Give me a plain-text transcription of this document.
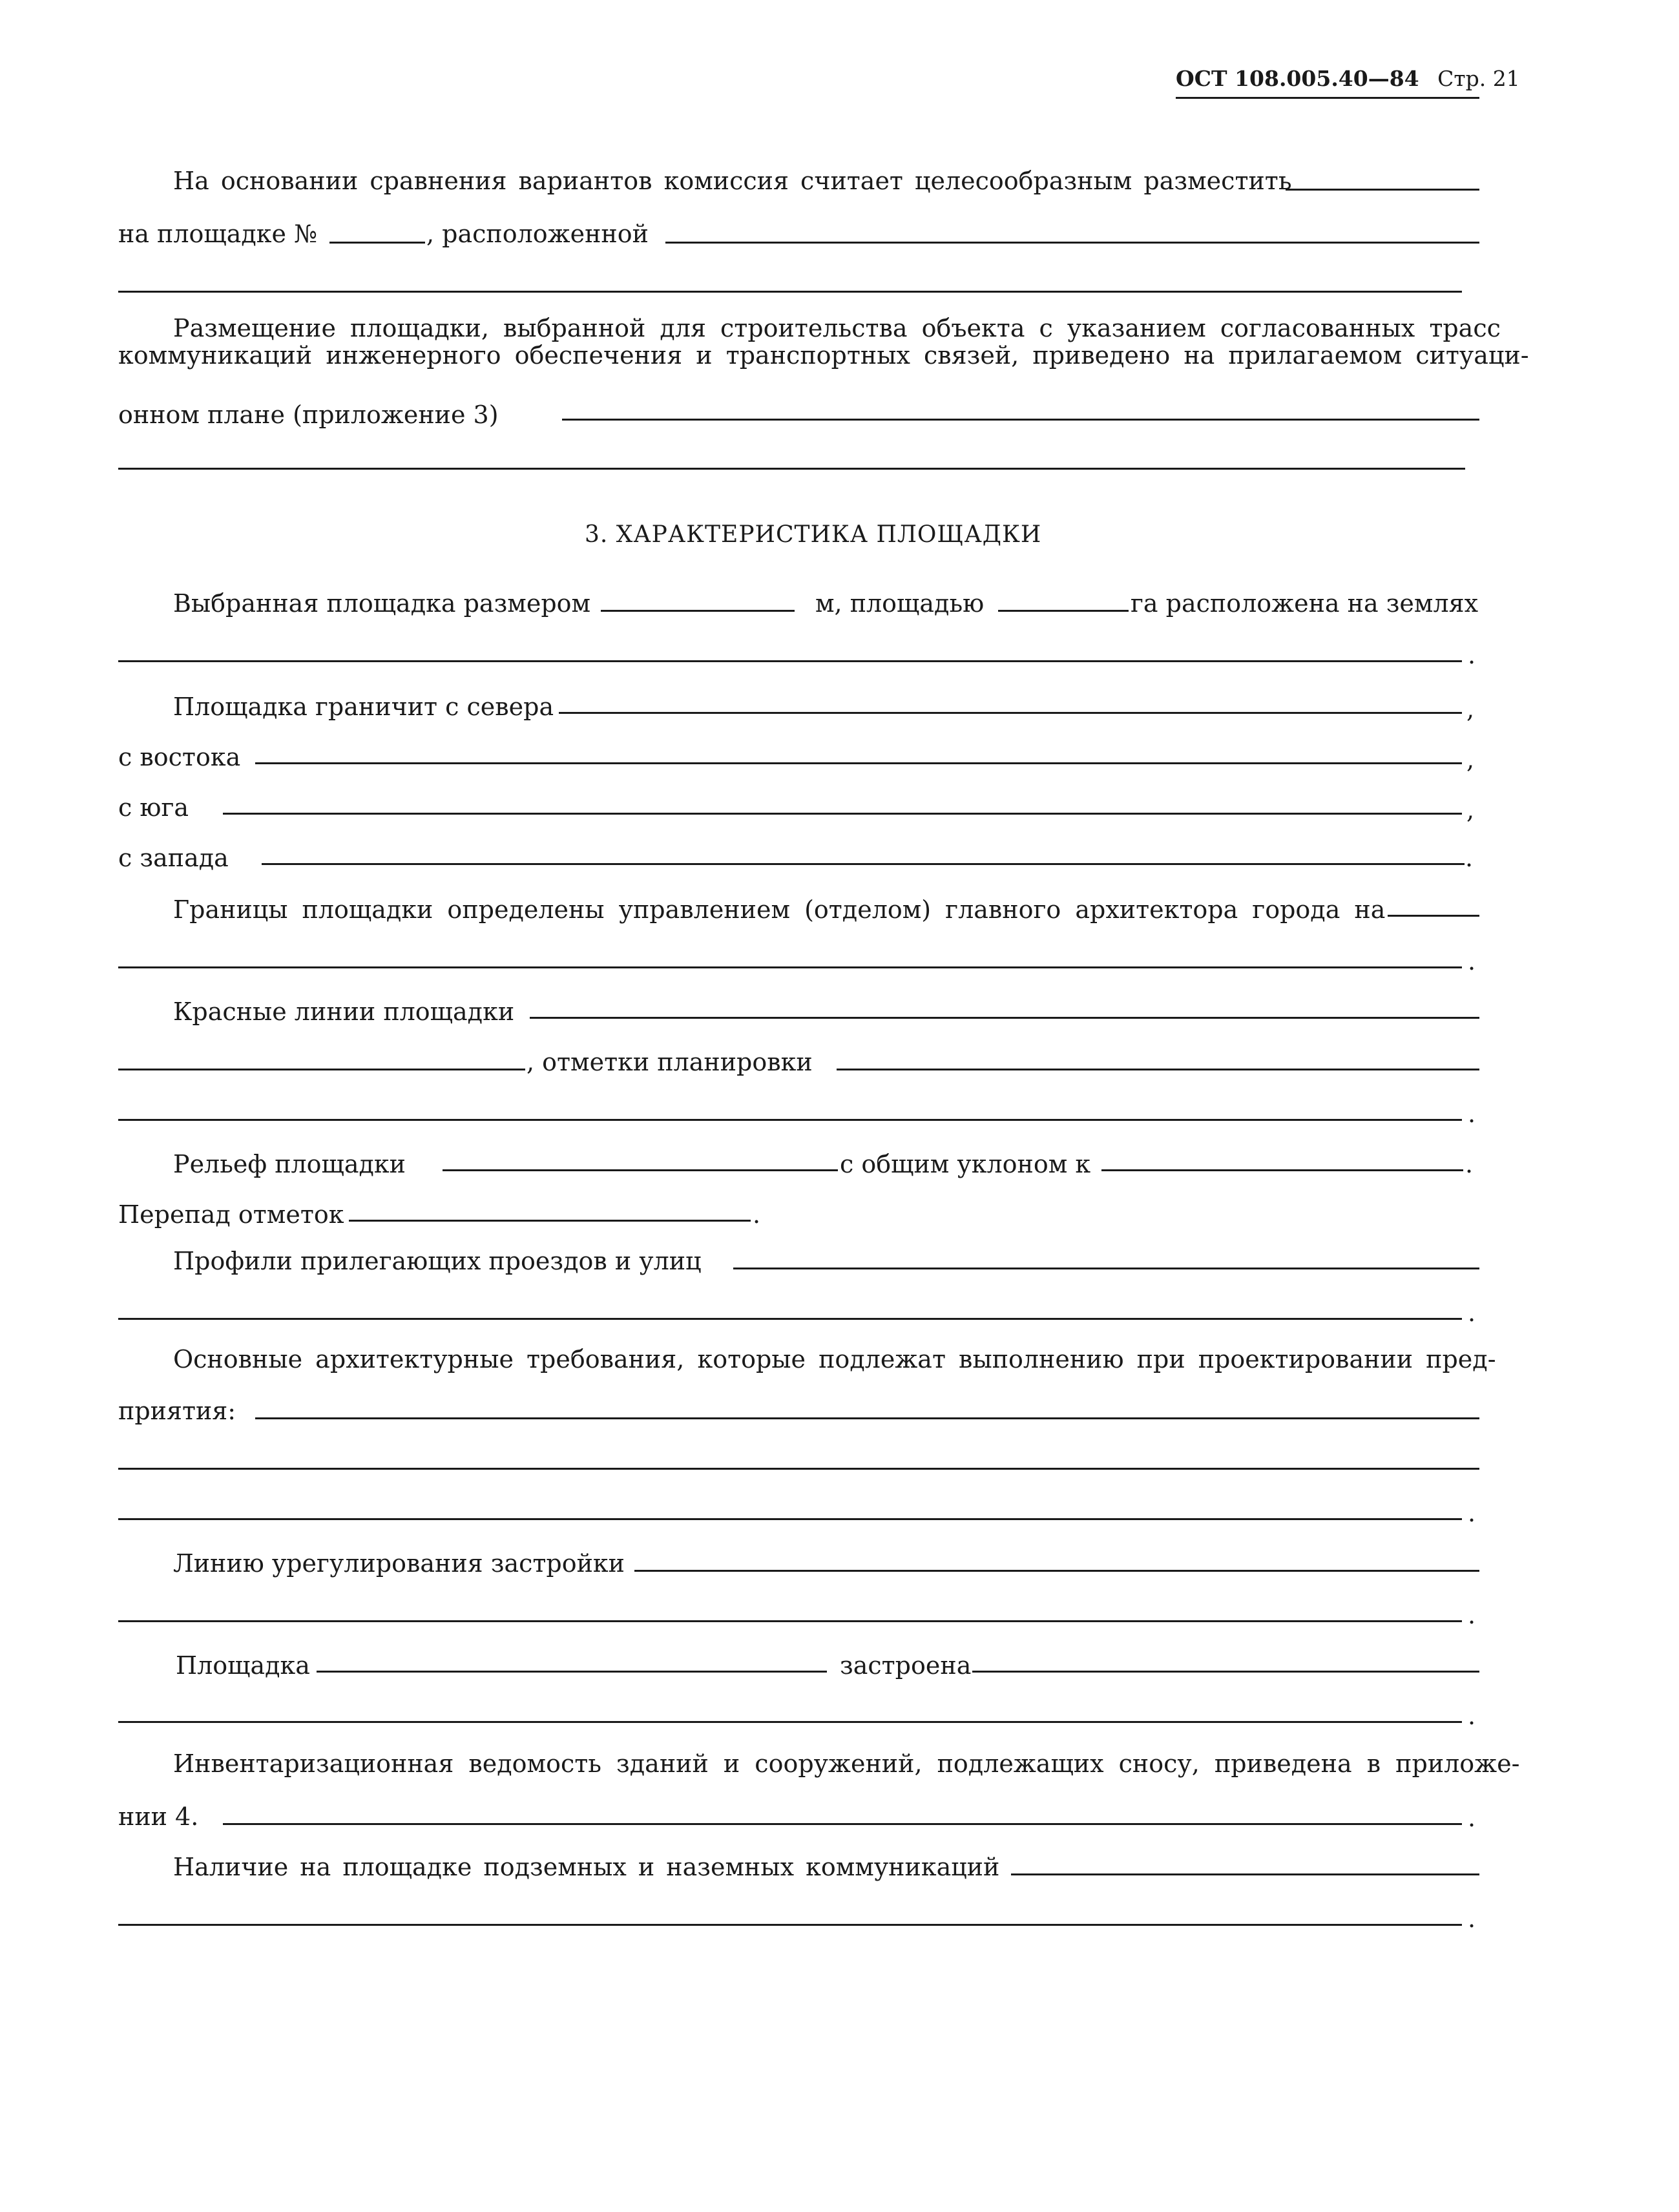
ОСТ 108.005.40—84 Стр. 21
На основании сравнения вариантов комиссия считает целесообразным разместить
на площадке №	, расположенной
Размещение площадки, выбранной для строительства объекта с указанием согласованных трасс
коммуникаций инженерного обеспечения и транспортных связей, приведено на прилагаемом ситуаци-
онном плане (приложение 3)
3. ХАРАКТЕРИСТИКА ПЛОЩАДКИ
Выбранная площадка размером	м, площадью	га расположена на землях
.
Площадка граничит с севера	,
с востока	,
с юга	,
с запада	.
Границы площадки определены управлением (отделом) главного архитектора города на
.
Красные линии площадки
, отметки планировки
.
Рельеф площадки	с общим уклоном к	.
Перепад отметок	.
Профили прилегающих проездов и улиц
.
Основные архитектурные требования, которые подлежат выполнению при проектировании пред-
приятия:
.
Линию урегулирования застройки
.
Площадка	застроена
.
Инвентаризационная ведомость зданий и сооружений, подлежащих сносу, приведена в приложе-
нии 4.	.
Наличие на площадке подземных и наземных коммуникаций
.
